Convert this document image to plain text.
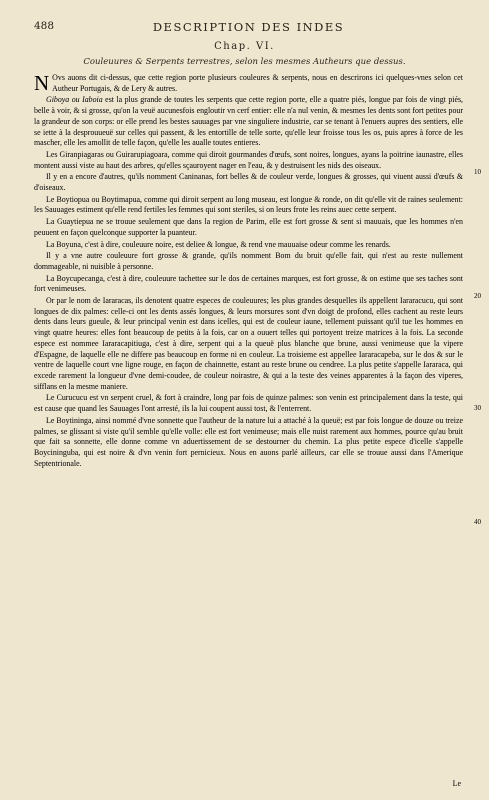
488	DESCRIPTION DES INDES
Chap. VI.
Couleuures & Serpents terrestres, selon les mesmes Autheurs que dessus.

N Ovs auons dit ci-dessus, que cette region porte plusieurs couleures & serpents, nous en descrirons ici quelques-vnes selon cet Autheur Portugais, & de Lery & autres.

Giboya ou Iaboia est la plus grande de toutes les serpents que cette region porte, elle a quatre piés, longue par fois de vingt piés, belle à voir, & si grosse, qu'on la veuë aucunesfois engloutir vn cerf entier: elle n'a nul venin, & mesmes les dents sont fort petites pour la grandeur de son corps: or elle prend les bestes sauuages par vne singuliere industrie, car se tenant à l'enuers aupres des sentiers, elle se iette à la desprouueuë sur celles qui passent, & les entortille de telle sorte, qu'elle leur froisse tous les os, puis apres à force de les mascher, elle les amollit de telle façon, qu'elle les aualle toutes entieres.

Les Giranpiagaras ou Guirarupiagoara, comme qui diroit gourmandes d'œufs, sont noires, longues, ayans la poitrine iaunastre, elles montent aussi viste au haut des arbres, qu'elles sçauroyent nager en l'eau, & y destruisent les nids des oiseaux.

Il y en a encore d'autres, qu'ils nomment Caninanas, fort belles & de couleur verde, longues & grosses, qui viuent aussi d'œufs & d'oiseaux.

Le Boytiopua ou Boytimapua, comme qui diroit serpent au long museau, est longue & ronde, on dit qu'elle vit de raines seulement: les Sauuages estiment qu'elle rend fertiles les femmes qui sont steriles, si on leurs frote les reins auec cette serpent.

La Guaytiepua ne se trouue seulement que dans la region de Parim, elle est fort grosse & sent si mauuais, que les hommes n'en peuuent en façon quelconque supporter la puanteur.

La Boyuna, c'est à dire, couleuure noire, est deliee & longue, & rend vne mauuaise odeur comme les renards.

Il y a vne autre couleuure fort grosse & grande, qu'ils nomment Bom du bruit qu'elle fait, qui n'est au reste nullement dommageable, ni nuisible à personne.

La Boycupecanga, c'est à dire, couleuure tachettee sur le dos de certaines marques, est fort grosse, & on estime que ses taches sont fort venimeuses.

Or par le nom de Iararacas, ils denotent quatre especes de couleuures; les plus grandes desquelles ils appellent Iararacucu, qui sont longues de dix palmes: celle-ci ont les dents assés longues, & leurs morsures sont d'vn doigt de profond, elles cachent au reste leurs dents dans leurs gueule, & leur principal venin est dans icelles, qui est de couleur iaune, tellement puissant qu'il tue les hommes en vingt quatre heures: elles font beaucoup de petits à la fois, car on a ouuert telles qui portoyent treize matrices à la fois. La seconde espece est nommee Iararacapitiuga, c'est à dire, serpent qui a la queuë plus blanche que brune, aussi venimeuse que la vipere d'Espagne, de laquelle elle ne differe pas beaucoup en forme ni en couleur. La troisieme est appellee Iararacapeba, sur le dos & sur le ventre de laquelle court vne ligne rouge, en façon de chainnette, estant au reste brune ou cendree. La plus petite s'appelle Iararaca, qui excede rarement la longueur d'vne demi-coudee, de couleur noirastre, & qui a la teste des veines apparentes à la façon des viperes, sifflans en la mesme maniere.

Le Curucucu est vn serpent cruel, & fort à craindre, long par fois de quinze palmes: son venin est principalement dans la teste, qui est cause que quand les Sauuages l'ont arresté, ils la lui coupent aussi tost, & l'enterrent.

Le Boytininga, ainsi nommé d'vne sonnette que l'autheur de la nature lui a attaché à la queuë; est par fois longue de douze ou treize palmes, se glissant si viste qu'il semble qu'elle volle: elle est fort venimeuse; mais elle nuist rarement aux hommes, pource qu'au bruit que fait sa sonnette, elle donne comme vn aduertissement de se destourner du chemin. La plus petite espece d'icelle s'appelle Boycininguba, qui est noire & d'vn venin fort pernicieux. Nous en auons parlé ailleurs, car elle se trouue aussi dans l'Amerique Septentrionale.

10
20
30
40
Le
